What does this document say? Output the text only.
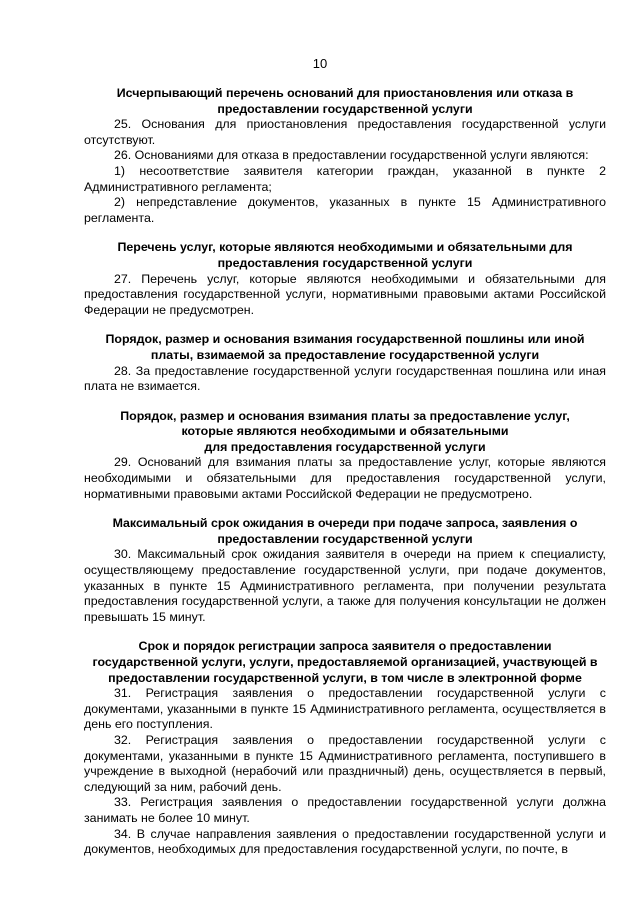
10
Исчерпывающий перечень оснований для приостановления или отказа в
предоставлении государственной услуги

25. Основания для приостановления предоставления государственной услуги отсутствуют.

26. Основаниями для отказа в предоставлении государственной услуги являются:

1) несоответствие заявителя категории граждан, указанной в пункте 2 Административного регламента;

2) непредставление документов, указанных в пункте 15 Административного регламента.

Перечень услуг, которые являются необходимыми и обязательными для
предоставления государственной услуги

27. Перечень услуг, которые являются необходимыми и обязательными для предоставления государственной услуги, нормативными правовыми актами Российской Федерации не предусмотрен.

Порядок, размер и основания взимания государственной пошлины или иной
платы, взимаемой за предоставление государственной услуги

28. За предоставление государственной услуги государственная пошлина или иная плата не взимается.

Порядок, размер и основания взимания платы за предоставление услуг,
которые являются необходимыми и обязательными
для предоставления государственной услуги

29. Оснований для взимания платы за предоставление услуг, которые являются необходимыми и обязательными для предоставления государственной услуги, нормативными правовыми актами Российской Федерации не предусмотрено.

Максимальный срок ожидания в очереди при подаче запроса, заявления о
предоставлении государственной услуги

30. Максимальный срок ожидания заявителя в очереди на прием к специалисту, осуществляющему предоставление государственной услуги, при подаче документов, указанных в пункте 15 Административного регламента, при получении результата предоставления государственной услуги, а также для получения консультации не должен превышать 15 минут.

Срок и порядок регистрации запроса заявителя о предоставлении
государственной услуги, услуги, предоставляемой организацией, участвующей в
предоставлении государственной услуги, в том числе в электронной форме

31. Регистрация заявления о предоставлении государственной услуги с документами, указанными в пункте 15 Административного регламента, осуществляется в день его поступления.

32. Регистрация заявления о предоставлении государственной услуги с документами, указанными в пункте 15 Административного регламента, поступившего в учреждение в выходной (нерабочий или праздничный) день, осуществляется в первый, следующий за ним, рабочий день.

33. Регистрация заявления о предоставлении государственной услуги должна занимать не более 10 минут.

34. В случае направления заявления о предоставлении государственной услуги и документов, необходимых для предоставления государственной услуги, по почте, в
